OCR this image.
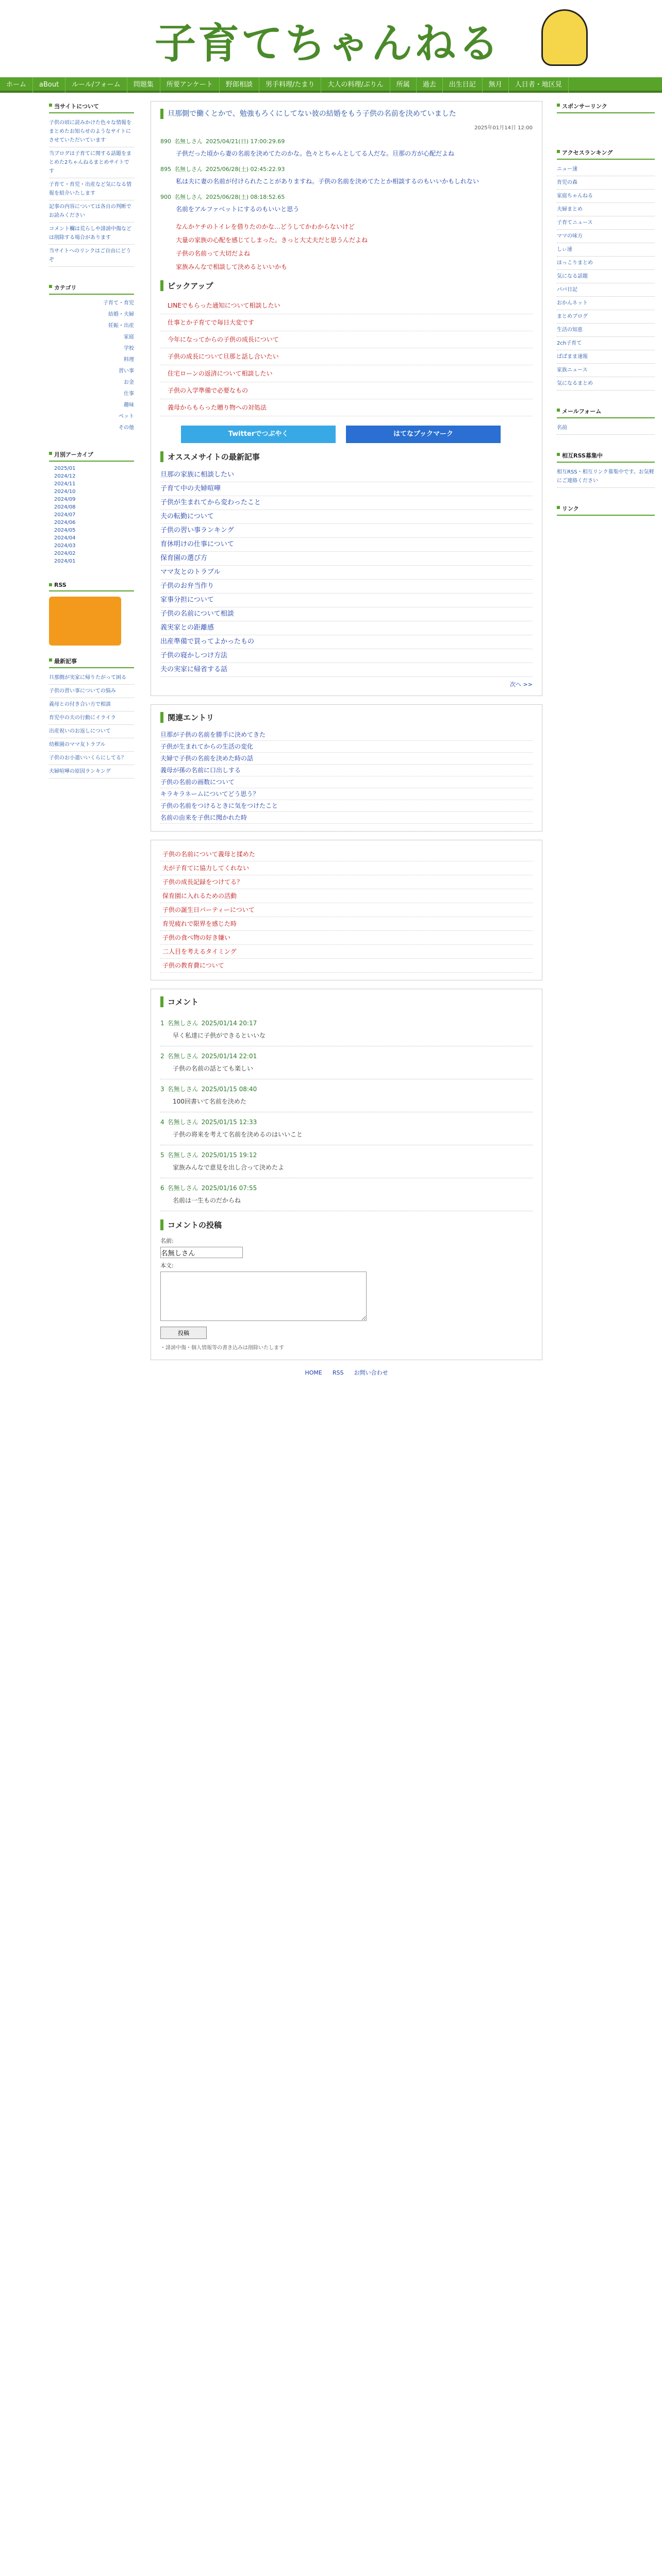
子育てちゃんねる
ホーム aBout ルール/フォーム 問題集 所要アンケート 野郎相談 男手料理/たまり 大人の料理/ぷりん 所属 過去 出生日記 無月 人日者・地区見
当サイトについて
子供の頃に読みかけた色々な情報をまとめたお知らせのようなサイトにさせていただいています
当ブログは子育てに関する話題をまとめた2ちゃんねるまとめサイトです
子育て・育児・出産など気になる情報を紹介いたします
記事の内容については各自の判断でお読みください
コメント欄は荒らしや誹謗中傷などは削除する場合があります
当サイトへのリンクはご自由にどうぞ
カテゴリ
子育て・育児
結婚・夫婦
妊娠・出産
家庭
学校
料理
習い事
お金
仕事
趣味
ペット
その他
月別アーカイブ
2025/01
2024/12
2024/11
2024/10
2024/09
2024/08
2024/07
2024/06
2024/05
2024/04
2024/03
2024/02
2024/01
RSS
最新記事
旦那側が実家に帰りたがって困る
子供の習い事についての悩み
義母との付き合い方で相談
育児中の夫の行動にイライラ
出産祝いのお返しについて
幼稚園のママ友トラブル
子供のお小遣いいくらにしてる？
夫婦喧嘩の原因ランキング
旦那側で働くとかで、勉強もろくにしてない彼の結婚をもう子供の名前を決めていました
2025年01月14日 12:00
890 名無しさん 2025/04/21(日) 17:00:29.69
子供だった頃から妻の名前を決めてたのかな。色々とちゃんとしてる人だな。旦那の方が心配だよね
895 名無しさん 2025/06/28(土) 02:45:22.93
私は夫に妻の名前が付けられたことがありますね。子供の名前を決めてたとか相談するのもいいかもしれない
900 名無しさん 2025/06/28(土) 08:18:52.65
名前をアルファベットにするのもいいと思う
なんかケチのトイレを借りたのかな…どうしてかわからないけど
大量の家族の心配を感じてしまった。きっと大丈夫だと思うんだよね
子供の名前って大切だよね
家族みんなで相談して決めるといいかも
ピックアップ
LINEでもらった通知について相談したい
仕事とか子育てで毎日大変です
今年になってからの子供の成長について
子供の成長について旦那と話し合いたい
住宅ローンの返済について相談したい
子供の入学準備で必要なもの
義母からもらった贈り物への対処法
Twitterでつぶやく	はてなブックマーク
オススメサイトの最新記事
旦那の家族に相談したい
子育て中の夫婦喧嘩
子供が生まれてから変わったこと
夫の転勤について
子供の習い事ランキング
育休明けの仕事について
保育園の選び方
ママ友とのトラブル
子供のお弁当作り
家事分担について
子供の名前について相談
義実家との距離感
出産準備で買ってよかったもの
子供の寝かしつけ方法
夫の実家に帰省する話
次へ >>
関連エントリ
旦那が子供の名前を勝手に決めてきた
子供が生まれてからの生活の変化
夫婦で子供の名前を決めた時の話
義母が孫の名前に口出しする
子供の名前の画数について
キラキラネームについてどう思う？
子供の名前をつけるときに気をつけたこと
名前の由来を子供に聞かれた時
子供の名前について義母と揉めた
夫が子育てに協力してくれない
子供の成長記録をつけてる？
保育園に入れるための活動
子供の誕生日パーティーについて
育児疲れで限界を感じた時
子供の食べ物の好き嫌い
二人目を考えるタイミング
子供の教育費について
コメント
1 名無しさん 2025/01/14 20:17
早く私達に子供ができるといいな
2 名無しさん 2025/01/14 22:01
子供の名前の話とても楽しい
3 名無しさん 2025/01/15 08:40
100回書いて名前を決めた
4 名無しさん 2025/01/15 12:33
子供の将来を考えて名前を決めるのはいいこと
5 名無しさん 2025/01/15 19:12
家族みんなで意見を出し合って決めたよ
6 名無しさん 2025/01/16 07:55
名前は一生ものだからね
コメントの投稿
名前:
名無しさん
本文:
投稿
・誹謗中傷・個人情報等の書き込みは削除いたします
HOME RSS お問い合わせ
スポンサーリンク
アクセスランキング
ニュー速
育児の森
家庭ちゃんねる
夫婦まとめ
子育てニュース
ママの味方
しぃ速
ほっこりまとめ
気になる話題
パパ日記
おかんネット
まとめブログ
生活の知恵
2ch子育て
ぱぱまま速報
家族ニュース
気になるまとめ
メールフォーム
名前
相互RSS募集中
相互RSS・相互リンク募集中です。お気軽にご連絡ください
リンク
